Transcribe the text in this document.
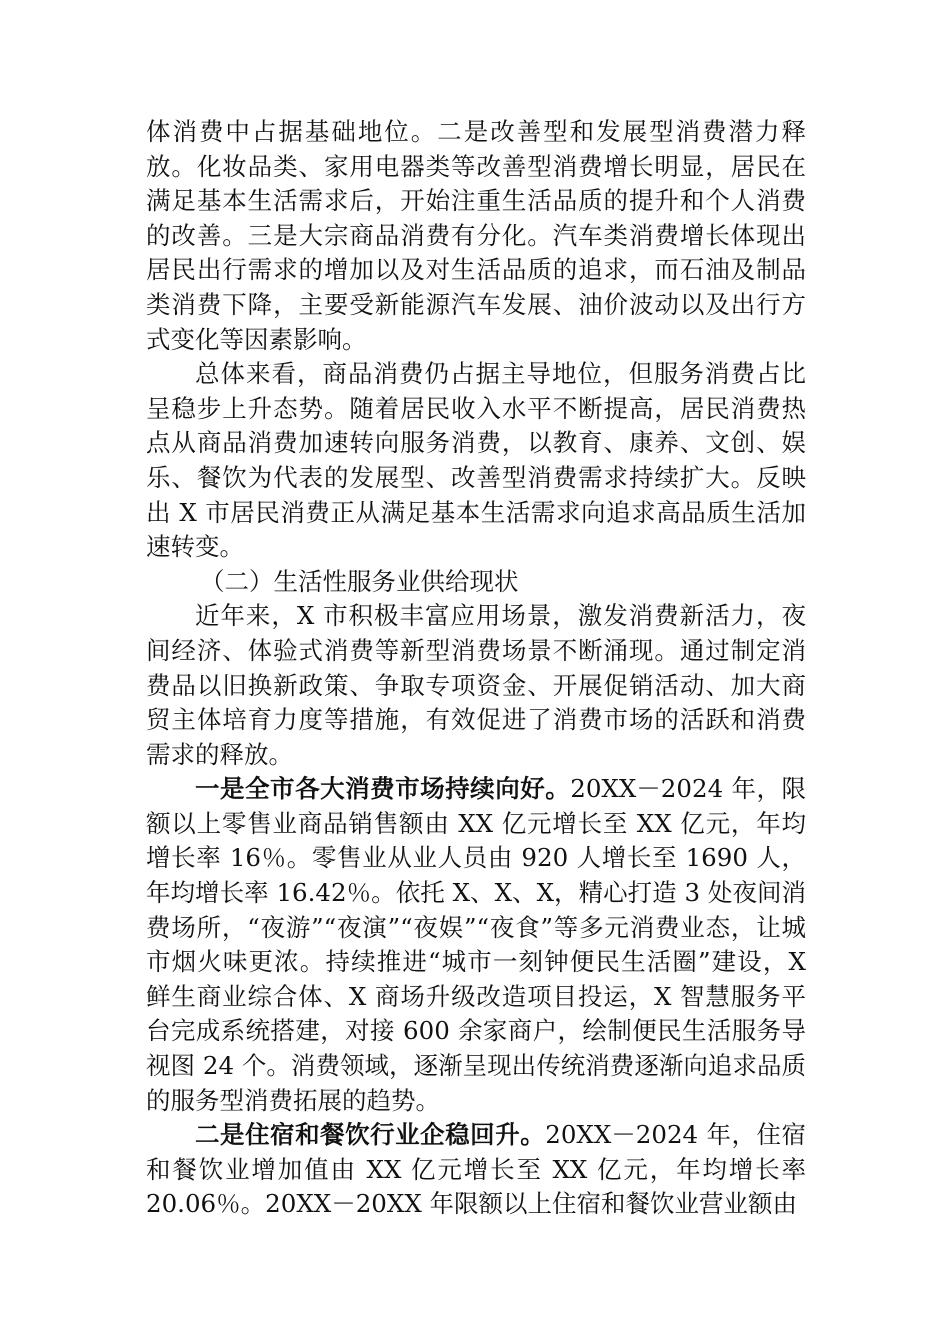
体消费中占据基础地位。二是改善型和发展型消费潜力释放。化妆品类、家用电器类等改善型消费增长明显，居民在满足基本生活需求后，开始注重生活品质的提升和个人消费的改善。三是大宗商品消费有分化。汽车类消费增长体现出居民出行需求的增加以及对生活品质的追求，而石油及制品类消费下降，主要受新能源汽车发展、油价波动以及出行方式变化等因素影响。

总体来看，商品消费仍占据主导地位，但服务消费占比呈稳步上升态势。随着居民收入水平不断提高，居民消费热点从商品消费加速转向服务消费，以教育、康养、文创、娱乐、餐饮为代表的发展型、改善型消费需求持续扩大。反映出 X 市居民消费正从满足基本生活需求向追求高品质生活加速转变。

（二）生活性服务业供给现状

近年来，X 市积极丰富应用场景，激发消费新活力，夜间经济、体验式消费等新型消费场景不断涌现。通过制定消费品以旧换新政策、争取专项资金、开展促销活动、加大商贸主体培育力度等措施，有效促进了消费市场的活跃和消费需求的释放。

一是全市各大消费市场持续向好。20XX－2024 年，限额以上零售业商品销售额由 XX 亿元增长至 XX 亿元，年均增长率 16％。零售业从业人员由 920 人增长至 1690 人，年均增长率 16.42％。依托 X、X、X，精心打造 3 处夜间消费场所，“夜游”“夜演”“夜娱”“夜食”等多元消费业态，让城市烟火味更浓。持续推进“城市一刻钟便民生活圈”建设，X 鲜生商业综合体、X 商场升级改造项目投运，X 智慧服务平台完成系统搭建，对接 600 余家商户，绘制便民生活服务导视图 24 个。消费领域，逐渐呈现出传统消费逐渐向追求品质的服务型消费拓展的趋势。

二是住宿和餐饮行业企稳回升。20XX－2024 年，住宿和餐饮业增加值由 XX 亿元增长至 XX 亿元，年均增长率 20.06％。20XX－20XX 年限额以上住宿和餐饮业营业额由
